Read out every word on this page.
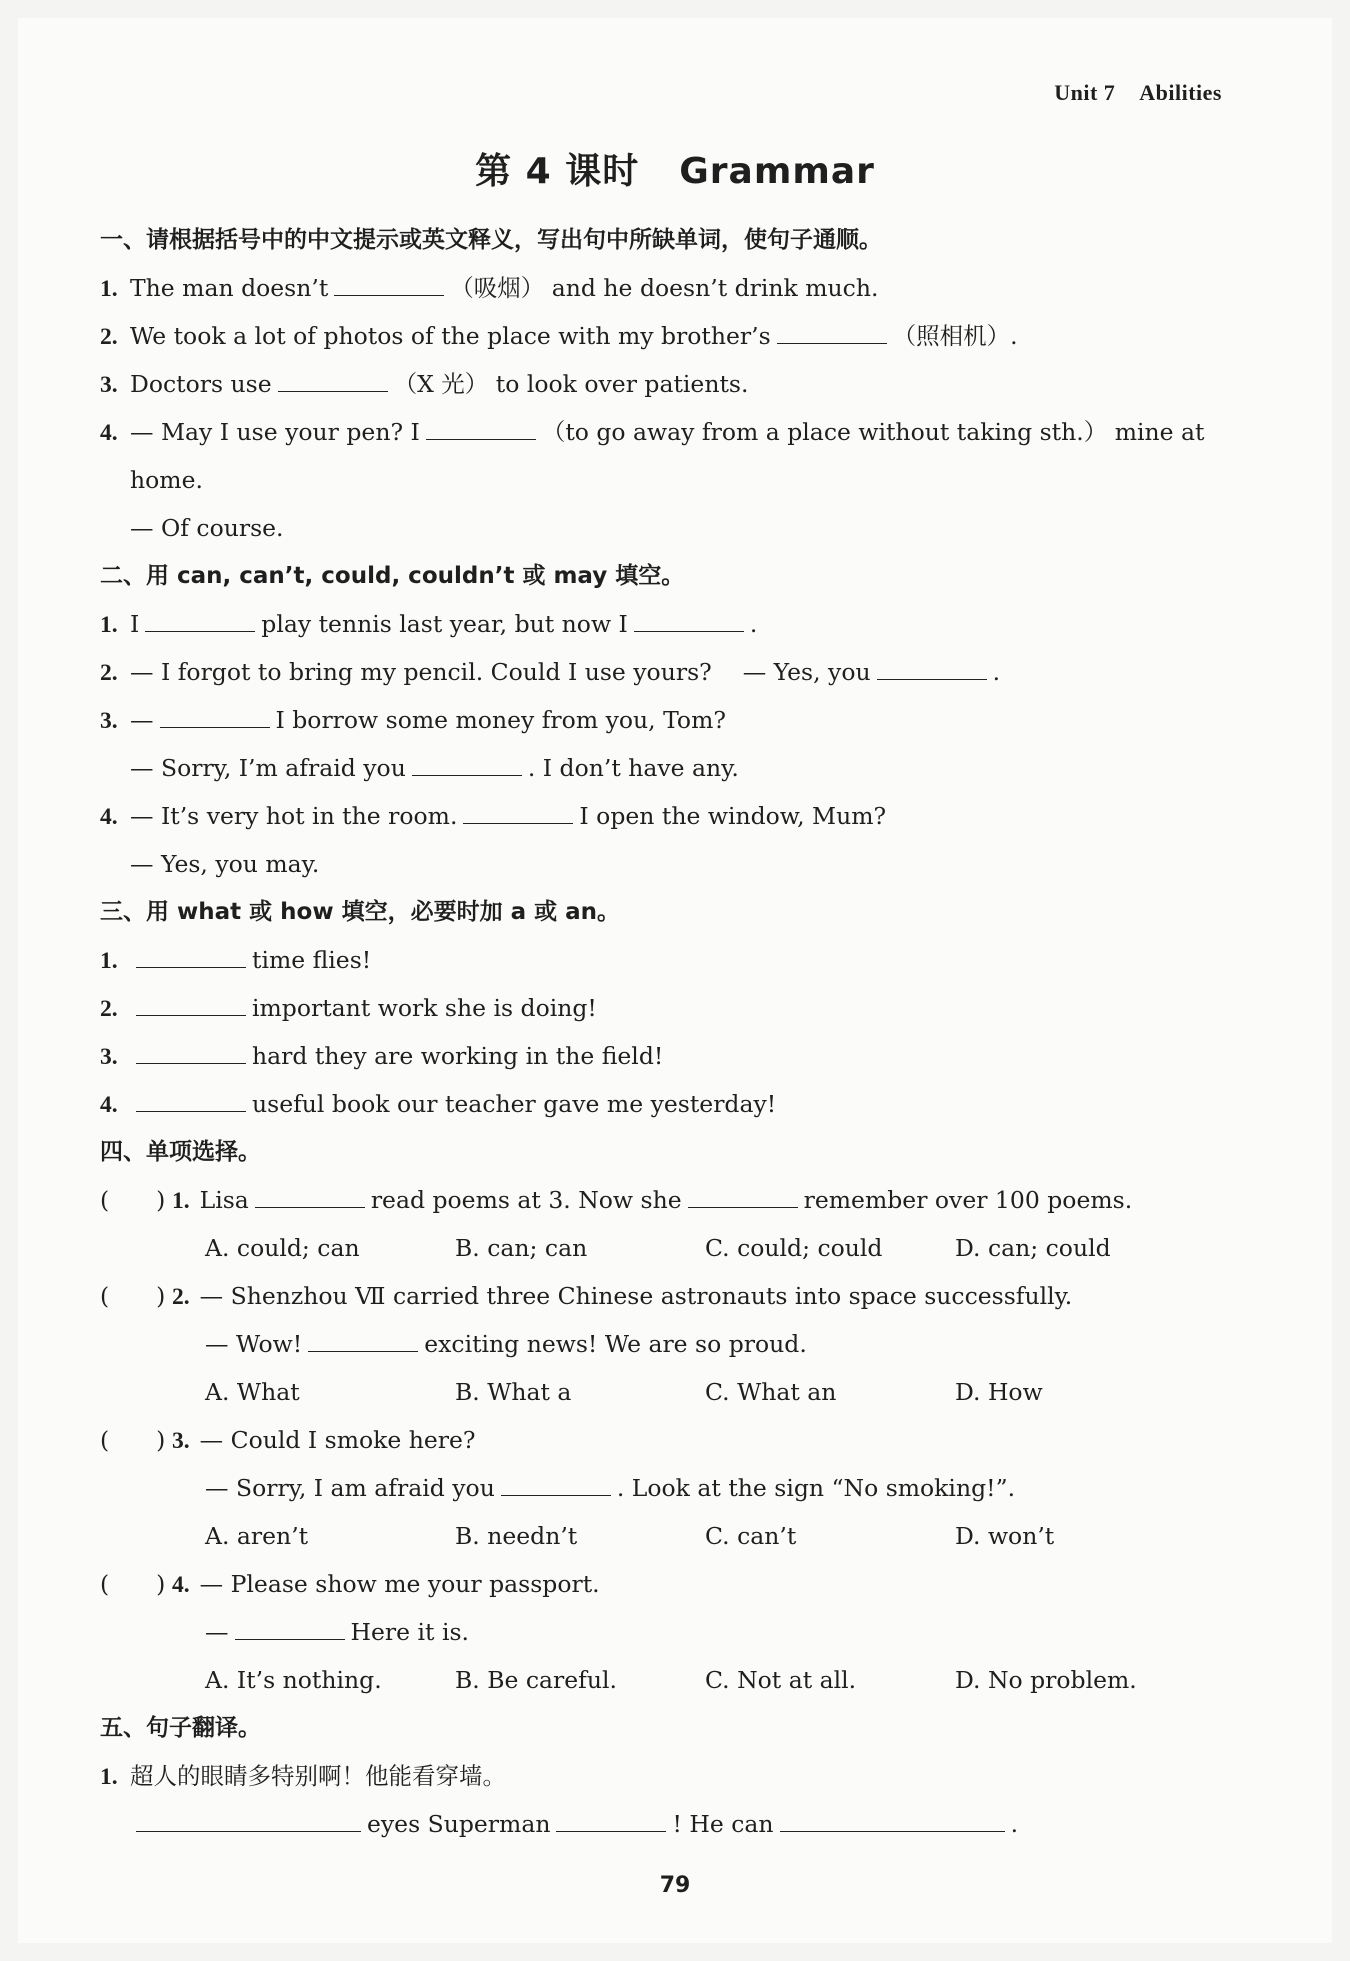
Unit 7 Abilities
第 4 课时 Grammar
一、请根据括号中的中文提示或英文释义，写出句中所缺单词，使句子通顺。
1. The man doesn’t	（吸烟） and he doesn’t drink much.
2. We took a lot of photos of the place with my brother’s	（照相机）.
3. Doctors use	（X 光） to look over patients.
4. — May I use your pen? I	（to go away from a place without taking sth.） mine at
home.
— Of course.
二、用 can, can’t, could, couldn’t 或 may 填空。
1. I	play tennis last year, but now I	.
2. — I forgot to bring my pencil. Could I use yours?　 — Yes, you	.
3. —	I borrow some money from you, Tom?
— Sorry, I’m afraid you	. I don’t have any.
4. — It’s very hot in the room.	I open the window, Mum?
— Yes, you may.
三、用 what 或 how 填空，必要时加 a 或 an。
1.	time flies!
2.	important work she is doing!
3.	hard they are working in the field!
4.	useful book our teacher gave me yesterday!
四、单项选择。
(　　 ) 1. Lisa	read poems at 3. Now she	remember over 100 poems.
A. could; can	B. can; can	C. could; could	D. can; could
(　　 ) 2. — Shenzhou Ⅶ carried three Chinese astronauts into space successfully.
— Wow!	exciting news! We are so proud.
A. What	B. What a	C. What an	D. How
(　　 ) 3. — Could I smoke here?
— Sorry, I am afraid you	. Look at the sign “No smoking!”.
A. aren’t	B. needn’t	C. can’t	D. won’t
(　　 ) 4. — Please show me your passport.
—	Here it is.
A. It’s nothing.	B. Be careful.	C. Not at all.	D. No problem.
五、句子翻译。
1. 超人的眼睛多特别啊！他能看穿墙。
eyes Superman	! He can	.
79
